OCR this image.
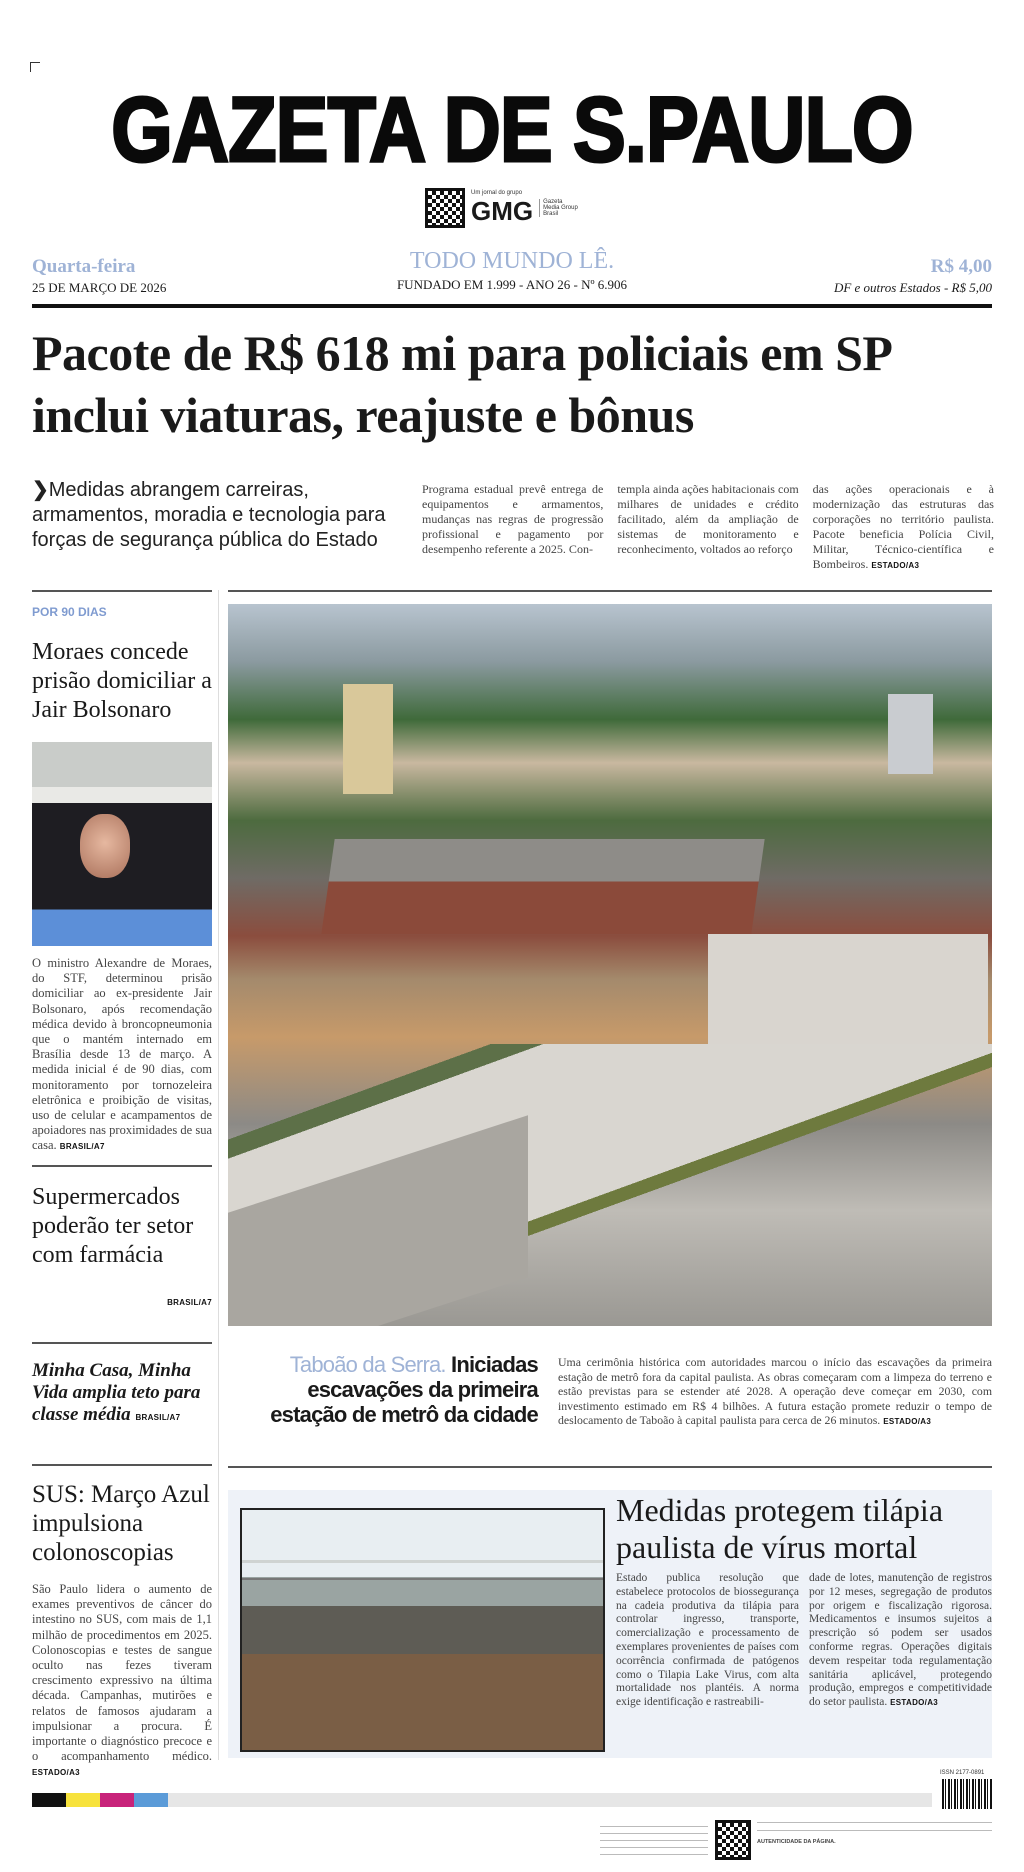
GAZETA DE S.PAULO
Um jornal do grupo
GMG	Gazeta Media Group Brasil
Quarta-feira
25 DE MARÇO DE 2026
TODO MUNDO LÊ.
FUNDADO EM 1.999 - ANO 26 - Nº 6.906
R$ 4,00
DF e outros Estados - R$ 5,00
Pacote de R$ 618 mi para policiais em SP inclui viaturas, reajuste e bônus
❯Medidas abrangem carreiras, armamentos, moradia e tecnologia para forças de segurança pública do Estado

Programa estadual prevê entrega de equipamentos e armamentos, mudanças nas regras de progressão profissional e pagamento por desempenho referente a 2025. Con-

templa ainda ações habitacionais com milhares de unidades e crédito facilitado, além da ampliação de sistemas de monitoramento e reconhecimento, voltados ao reforço

das ações operacionais e à modernização das estruturas das corporações no território paulista. Pacote beneficia Polícia Civil, Militar, Técnico-científica e Bombeiros. ESTADO/A3

POR 90 DIAS
Moraes concede prisão domiciliar a Jair Bolsonaro

O ministro Alexandre de Moraes, do STF, determinou prisão domiciliar ao ex-presidente Jair Bolsonaro, após recomendação médica devido à broncopneumonia que o mantém internado em Brasília desde 13 de março. A medida inicial é de 90 dias, com monitoramento por tornozeleira eletrônica e proibição de visitas, uso de celular e acampamentos de apoiadores nas proximidades de sua casa. BRASIL/A7
Supermercados poderão ter setor com farmácia
BRASIL/A7
Minha Casa, Minha Vida amplia teto para classe média BRASIL/A7
SUS: Março Azul impulsiona colonoscopias
São Paulo lidera o aumento de exames preventivos de câncer do intestino no SUS, com mais de 1,1 milhão de procedimentos em 2025. Colonoscopias e testes de sangue oculto nas fezes tiveram crescimento expressivo na última década. Campanhas, mutirões e relatos de famosos ajudaram a impulsionar a procura. É importante o diagnóstico precoce e o acompanhamento médico. ESTADO/A3

Taboão da Serra. Iniciadas escavações da primeira estação de metrô da cidade
Uma cerimônia histórica com autoridades marcou o início das escavações da primeira estação de metrô fora da capital paulista. As obras começaram com a limpeza do terreno e estão previstas para se estender até 2028. A operação deve começar em 2030, com investimento estimado em R$ 4 bilhões. A futura estação promete reduzir o tempo de deslocamento de Taboão à capital paulista para cerca de 26 minutos. ESTADO/A3
Medidas protegem tilápia paulista de vírus mortal

Estado publica resolução que estabelece protocolos de biossegurança na cadeia produtiva da tilápia para controlar ingresso, transporte, comercialização e processamento de exemplares provenientes de países com ocorrência confirmada de patógenos como o Tilapia Lake Virus, com alta mortalidade nos plantéis. A norma exige identificação e rastreabili-

dade de lotes, manutenção de registros por 12 meses, segregação de produtos por origem e fiscalização rigorosa. Medicamentos e insumos sujeitos a prescrição só podem ser usados conforme regras. Operações digitais devem respeitar toda regulamentação sanitária aplicável, protegendo produção, empregos e competitividade do setor paulista. ESTADO/A3

ISSN 2177-0891
AUTENTICIDADE DA PÁGINA.
